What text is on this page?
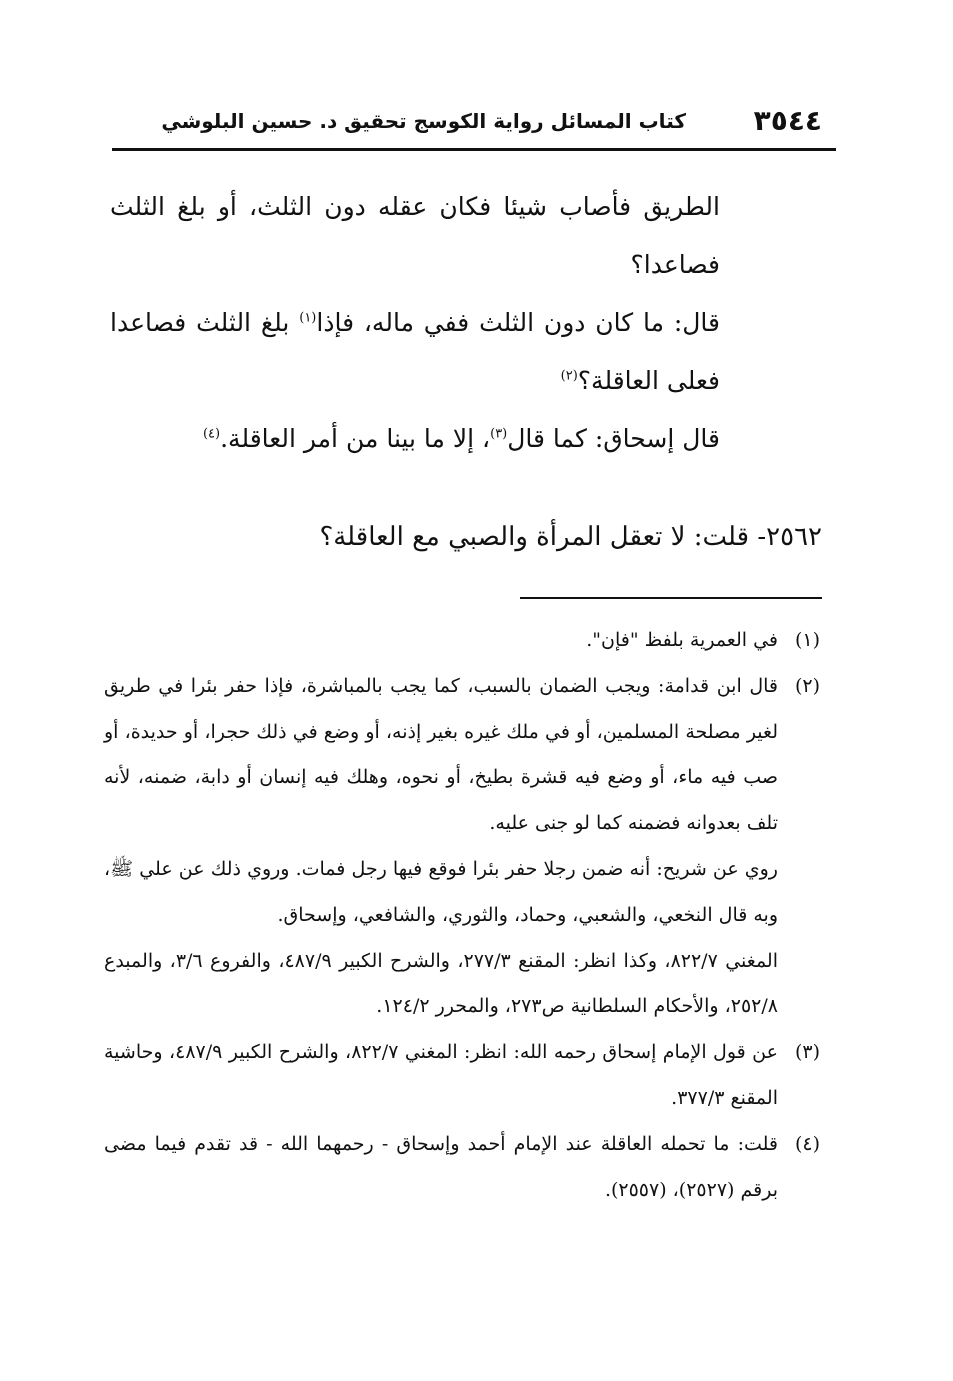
٣٥٤٤
كتاب المسائل رواية الكوسج تحقيق د. حسين البلوشي

الطريق فأصاب شيئا فكان عقله دون الثلث، أو بلغ الثلث فصاعدا؟

قال: ما كان دون الثلث ففي ماله، فإذا$^{(١)}$ بلغ الثلث فصاعدا فعلى العاقلة؟$^{(٢)}$

قال إسحاق: كما قال$^{(٣)}$، إلا ما بينا من أمر العاقلة.$^{(٤)}$

٢٥٦٢- قلت: لا تعقل المرأة والصبي مع العاقلة؟
(١)

في العمرية بلفظ "فإن".

(٢)

قال ابن قدامة: ويجب الضمان بالسبب، كما يجب بالمباشرة، فإذا حفر بئرا في طريق لغير مصلحة المسلمين، أو في ملك غيره بغير إذنه، أو وضع في ذلك حجرا، أو حديدة، أو صب فيه ماء، أو وضع فيه قشرة بطيخ، أو نحوه، وهلك فيه إنسان أو دابة، ضمنه، لأنه تلف بعدوانه فضمنه كما لو جنى عليه.

روي عن شريح: أنه ضمن رجلا حفر بئرا فوقع فيها رجل فمات. وروي ذلك عن علي ﷺ، وبه قال النخعي، والشعبي، وحماد، والثوري، والشافعي، وإسحاق.

المغني ٨٢٢/٧، وكذا انظر: المقنع ٢٧٧/٣، والشرح الكبير ٤٨٧/٩، والفروع ٣/٦، والمبدع ٢٥٢/٨، والأحكام السلطانية ص٢٧٣، والمحرر ١٢٤/٢.

(٣)

عن قول الإمام إسحاق رحمه الله: انظر: المغني ٨٢٢/٧، والشرح الكبير ٤٨٧/٩، وحاشية المقنع ٣٧٧/٣.

(٤)

قلت: ما تحمله العاقلة عند الإمام أحمد وإسحاق - رحمهما الله - قد تقدم فيما مضى برقم (٢٥٢٧)، (٢٥٥٧).
